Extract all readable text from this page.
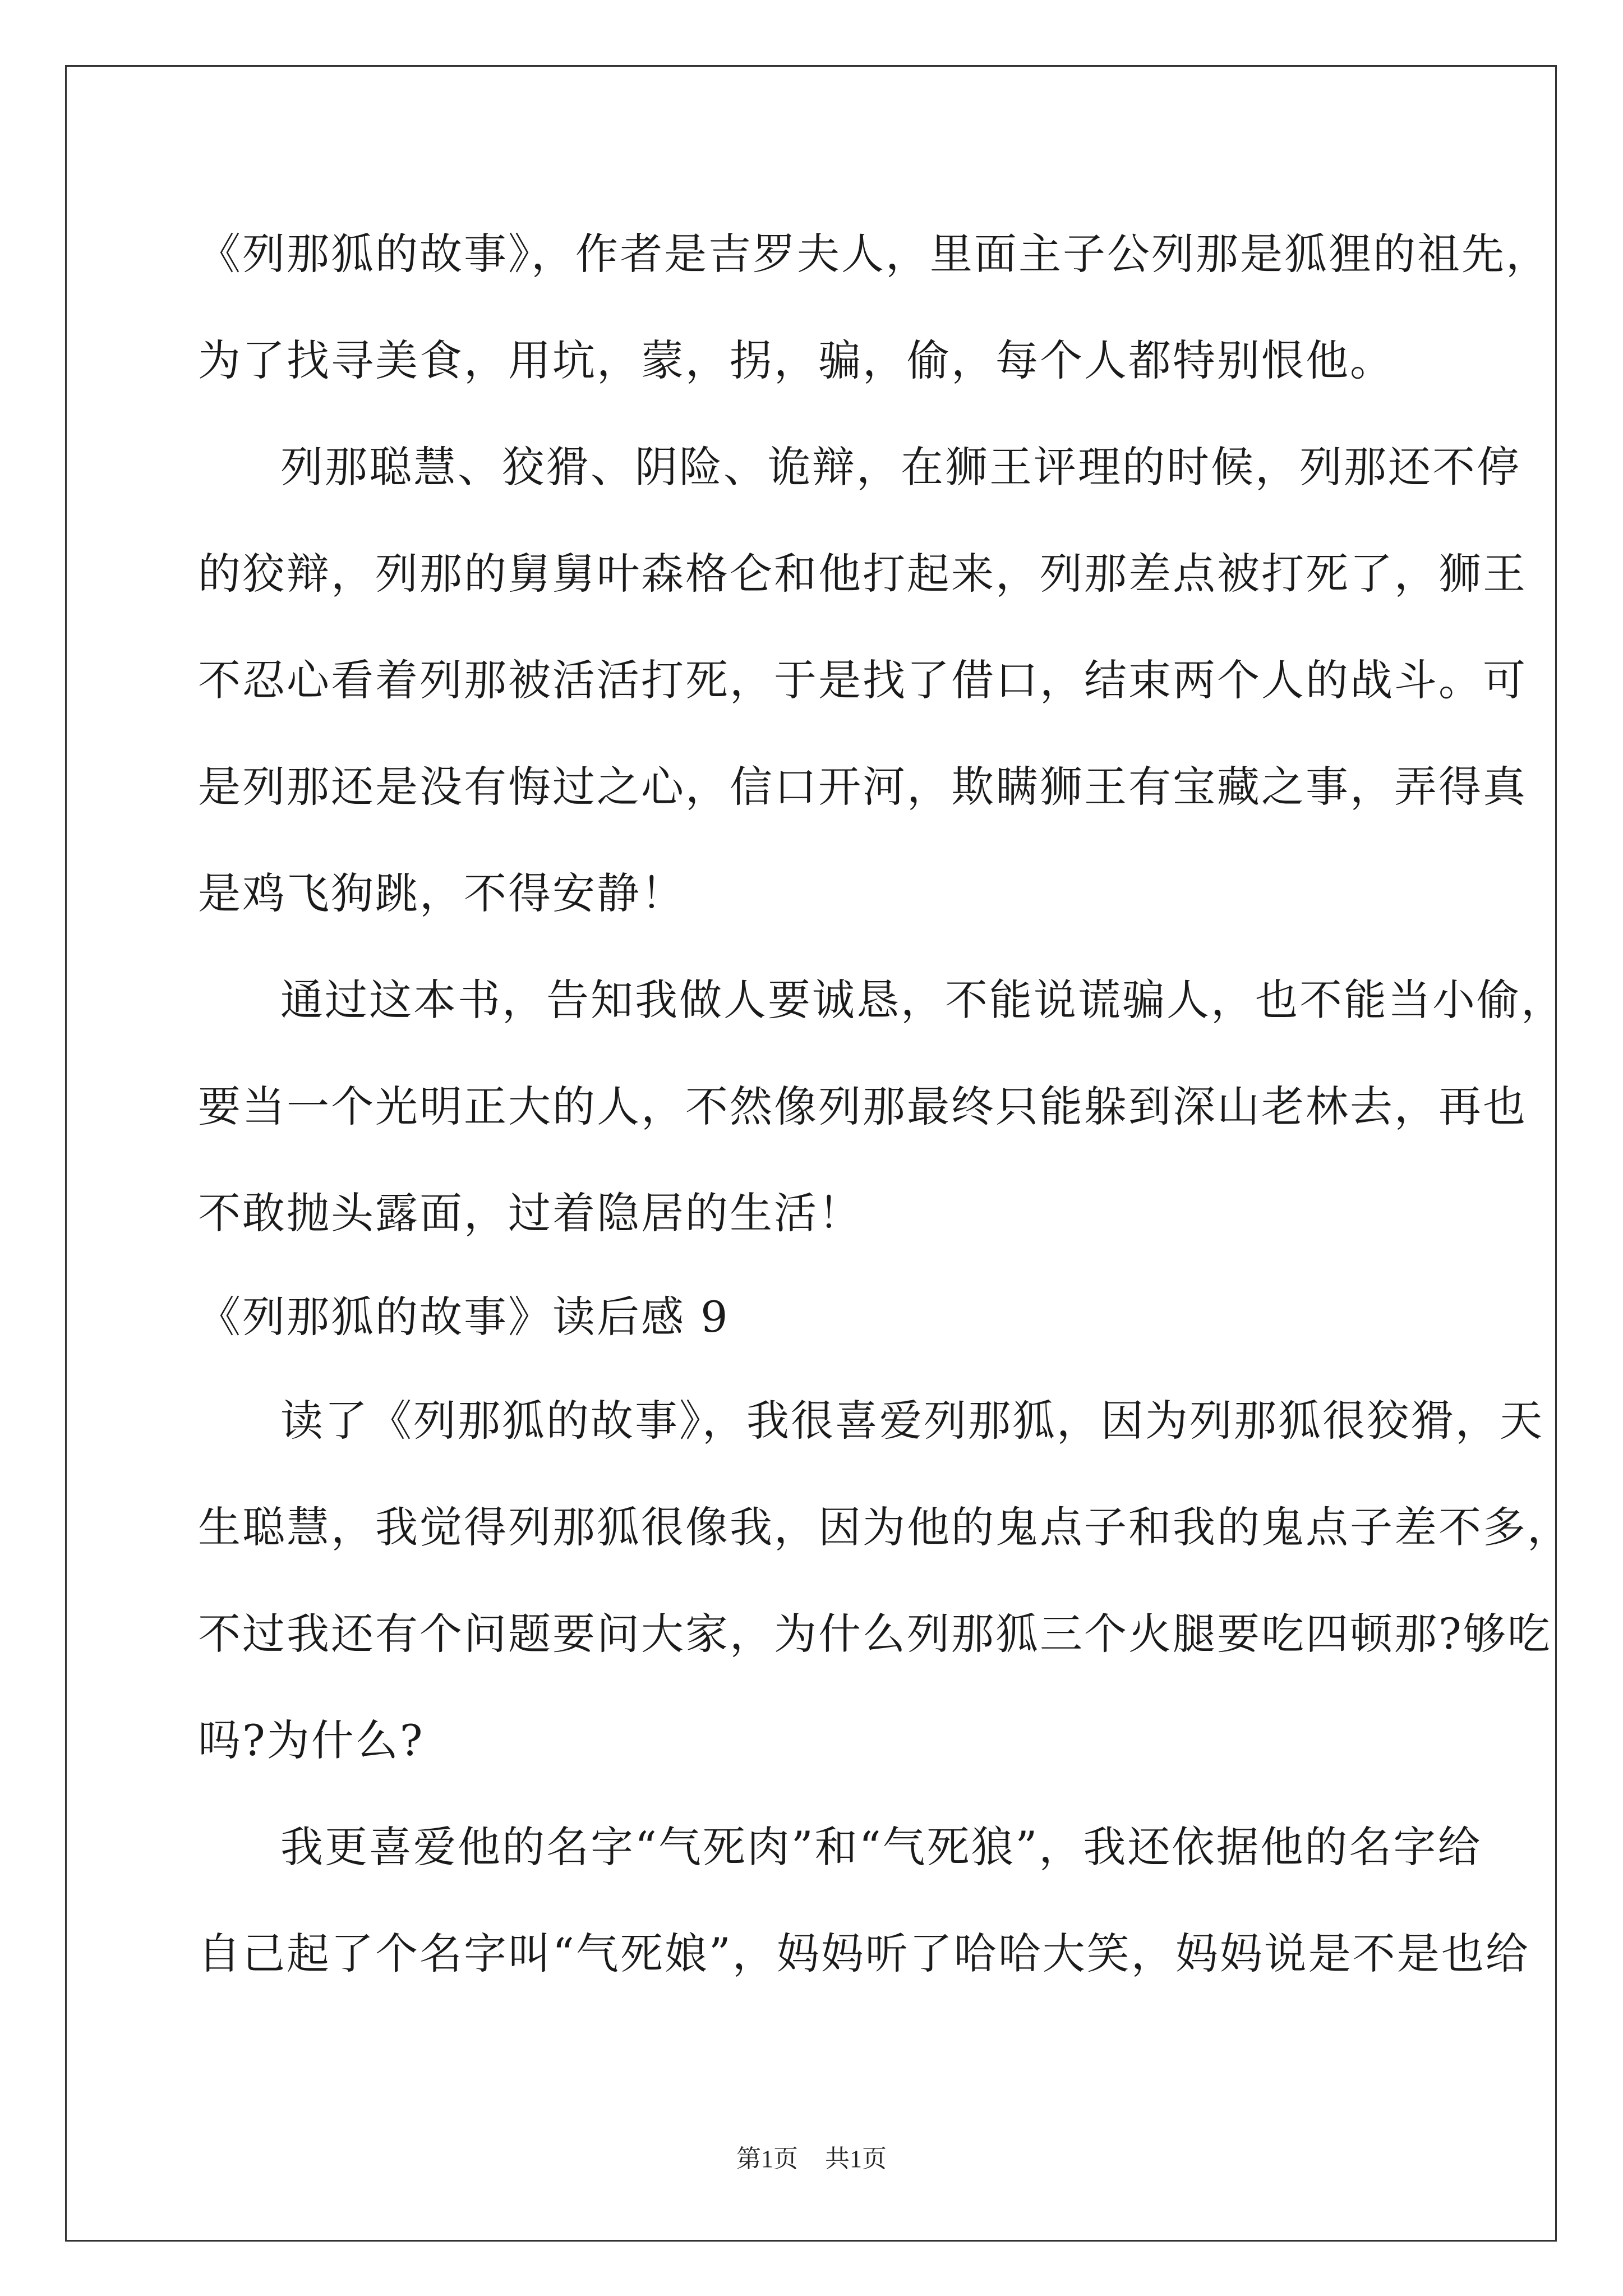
《列那狐的故事》，作者是吉罗夫人，里面主子公列那是狐狸的祖先，
为了找寻美食，用坑，蒙，拐，骗，偷，每个人都特别恨他。
列那聪慧、狡猾、阴险、诡辩，在狮王评理的时候，列那还不停
的狡辩，列那的舅舅叶森格仑和他打起来，列那差点被打死了，狮王
不忍心看着列那被活活打死，于是找了借口，结束两个人的战斗。可
是列那还是没有悔过之心，信口开河，欺瞒狮王有宝藏之事，弄得真
是鸡飞狗跳，不得安静！
通过这本书，告知我做人要诚恳，不能说谎骗人，也不能当小偷，
要当一个光明正大的人，不然像列那最终只能躲到深山老林去，再也
不敢抛头露面，过着隐居的生活！
《列那狐的故事》读后感 9
读了《列那狐的故事》，我很喜爱列那狐，因为列那狐很狡猾，天
生聪慧，我觉得列那狐很像我，因为他的鬼点子和我的鬼点子差不多，
不过我还有个问题要问大家，为什么列那狐三个火腿要吃四顿那?够吃
吗?为什么?
我更喜爱他的名字“气死肉”和“气死狼”，我还依据他的名字给
自己起了个名字叫“气死娘”，妈妈听了哈哈大笑，妈妈说是不是也给
第1页 共1页
